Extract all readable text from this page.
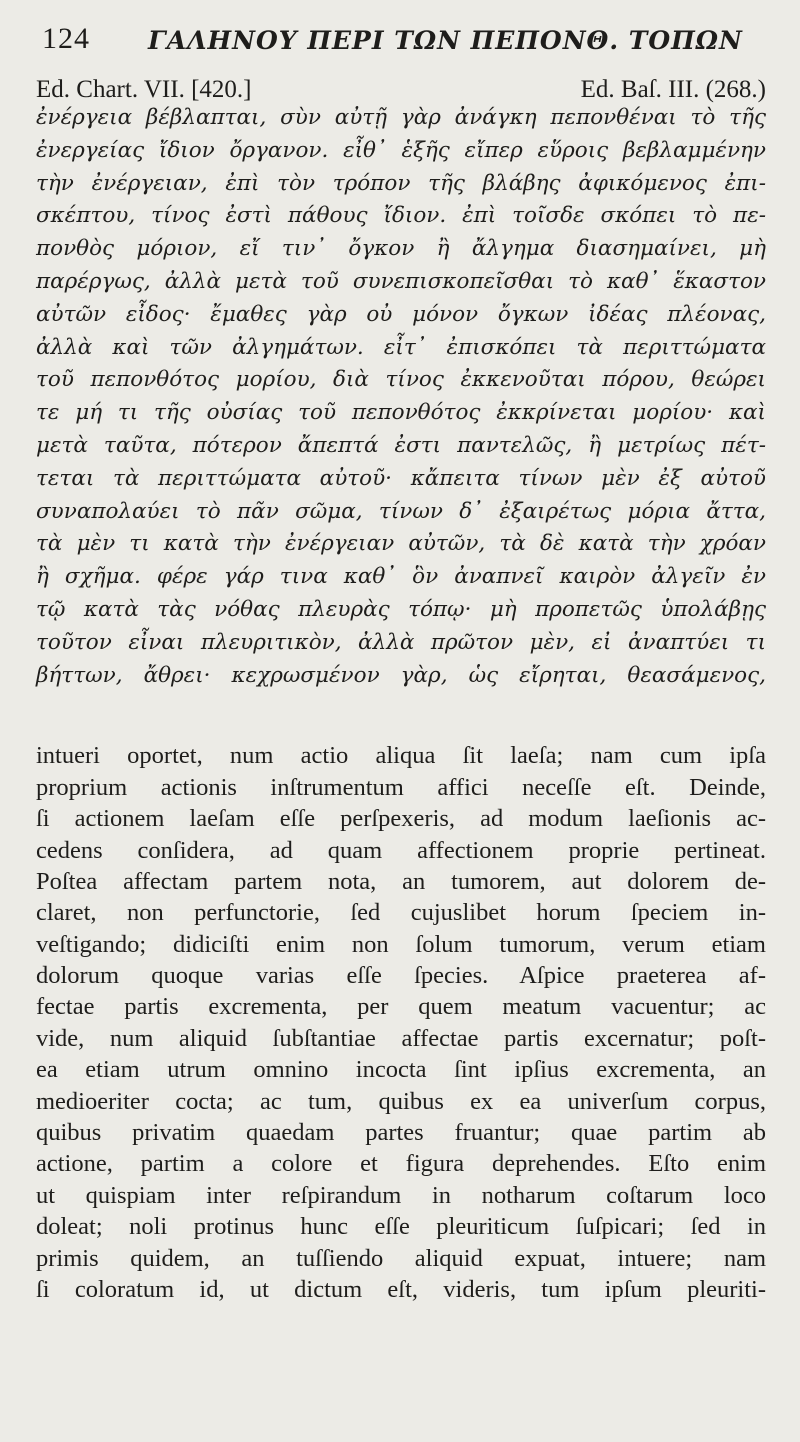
124 ΓΑΛΗΝΟΥ ΠΕΡΙ ΤΩΝ ΠΕΠΟΝΘ. ΤΟΠΩΝ
Ed. Chart. VII. [420.]	Ed. Baſ. III. (268.)
ἐνέργεια βέβλαπται, σὺν αὐτῇ γὰρ ἀνάγκη πεπονθέναι τὸ τῆς
ἐνεργείας ἴδιον ὄργανον. εἶθ᾽ ἑξῆς εἴπερ εὕροις βεβλαμμένην
τὴν ἐνέργειαν, ἐπὶ τὸν τρόπον τῆς βλάβης ἀφικόμενος ἐπι-
σκέπτου, τίνος ἐστὶ πάθους ἴδιον. ἐπὶ τοῖσδε σκόπει τὸ πε-
πονθὸς μόριον, εἴ τιν᾽ ὄγκον ἢ ἄλγημα διασημαίνει, μὴ
παρέργως, ἀλλὰ μετὰ τοῦ συνεπισκοπεῖσθαι τὸ καθ᾽ ἕκαστον
αὐτῶν εἶδος· ἔμαθες γὰρ οὐ μόνον ὄγκων ἰδέας πλέονας,
ἀλλὰ καὶ τῶν ἀλγημάτων. εἶτ᾽ ἐπισκόπει τὰ περιττώματα
τοῦ πεπονθότος μορίου, διὰ τίνος ἐκκενοῦται πόρου, θεώρει
τε μή τι τῆς οὐσίας τοῦ πεπονθότος ἐκκρίνεται μορίου· καὶ
μετὰ ταῦτα, πότερον ἄπεπτά ἐστι παντελῶς, ἢ μετρίως πέτ-
τεται τὰ περιττώματα αὐτοῦ· κἄπειτα τίνων μὲν ἐξ αὐτοῦ
συναπολαύει τὸ πᾶν σῶμα, τίνων δ᾽ ἐξαιρέτως μόρια ἄττα,
τὰ μὲν τι κατὰ τὴν ἐνέργειαν αὐτῶν, τὰ δὲ κατὰ τὴν χρόαν
ἢ σχῆμα. φέρε γάρ τινα καθ᾽ ὃν ἀναπνεῖ καιρὸν ἀλγεῖν ἐν
τῷ κατὰ τὰς νόθας πλευρὰς τόπῳ· μὴ προπετῶς ὑπολάβῃς
τοῦτον εἶναι πλευριτικὸν, ἀλλὰ πρῶτον μὲν, εἰ ἀναπτύει τι
βήττων, ἄθρει· κεχρωσμένον γὰρ, ὡς εἴρηται, θεασάμενος,
intueri oportet, num actio aliqua ſit laeſa; nam cum ipſa
proprium actionis inſtrumentum affici neceſſe eſt. Deinde,
ſi actionem laeſam eſſe perſpexeris, ad modum laeſionis ac-
cedens conſidera, ad quam affectionem proprie pertineat.
Poſtea affectam partem nota, an tumorem, aut dolorem de-
claret, non perfunctorie, ſed cujuslibet horum ſpeciem in-
veſtigando; didiciſti enim non ſolum tumorum, verum etiam
dolorum quoque varias eſſe ſpecies. Aſpice praeterea af-
fectae partis excrementa, per quem meatum vacuentur; ac
vide, num aliquid ſubſtantiae affectae partis excernatur; poſt-
ea etiam utrum omnino incocta ſint ipſius excrementa, an
medioeriter cocta; ac tum, quibus ex ea univerſum corpus,
quibus privatim quaedam partes fruantur; quae partim ab
actione, partim a colore et figura deprehendes. Eſto enim
ut quispiam inter reſpirandum in notharum coſtarum loco
doleat; noli protinus hunc eſſe pleuriticum ſuſpicari; ſed in
primis quidem, an tuſſiendo aliquid expuat, intuere; nam
ſi coloratum id, ut dictum eſt, videris, tum ipſum pleuriti-
